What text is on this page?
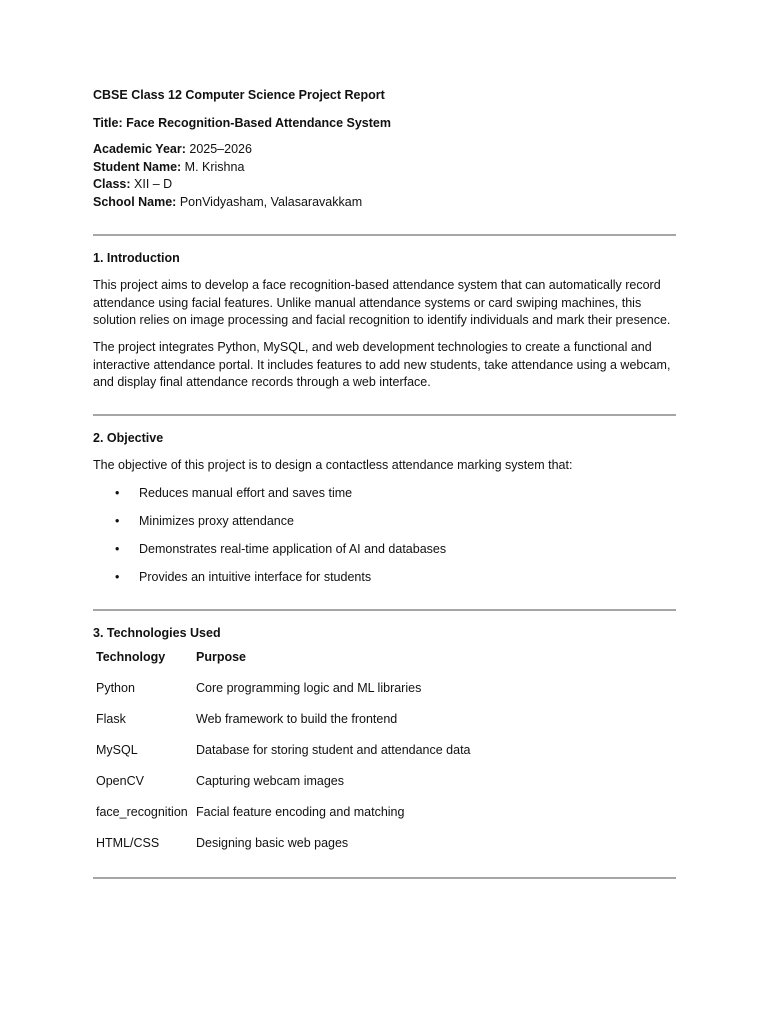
CBSE Class 12 Computer Science Project Report
Title: Face Recognition-Based Attendance System
Academic Year: 2025–2026
Student Name: M. Krishna
Class: XII – D
School Name: PonVidyasham, Valasaravakkam
1. Introduction

This project aims to develop a face recognition-based attendance system that can automatically record attendance using facial features. Unlike manual attendance systems or card swiping machines, this solution relies on image processing and facial recognition to identify individuals and mark their presence.

The project integrates Python, MySQL, and web development technologies to create a functional and interactive attendance portal. It includes features to add new students, take attendance using a webcam, and display final attendance records through a web interface.

2. Objective

The objective of this project is to design a contactless attendance marking system that:

• Reduces manual effort and saves time
• Minimizes proxy attendance
• Demonstrates real-time application of AI and databases
• Provides an intuitive interface for students
3. Technologies Used
Technology	Purpose
Python	Core programming logic and ML libraries
Flask	Web framework to build the frontend
MySQL	Database for storing student and attendance data
OpenCV	Capturing webcam images
face_recognition	Facial feature encoding and matching
HTML/CSS	Designing basic web pages
